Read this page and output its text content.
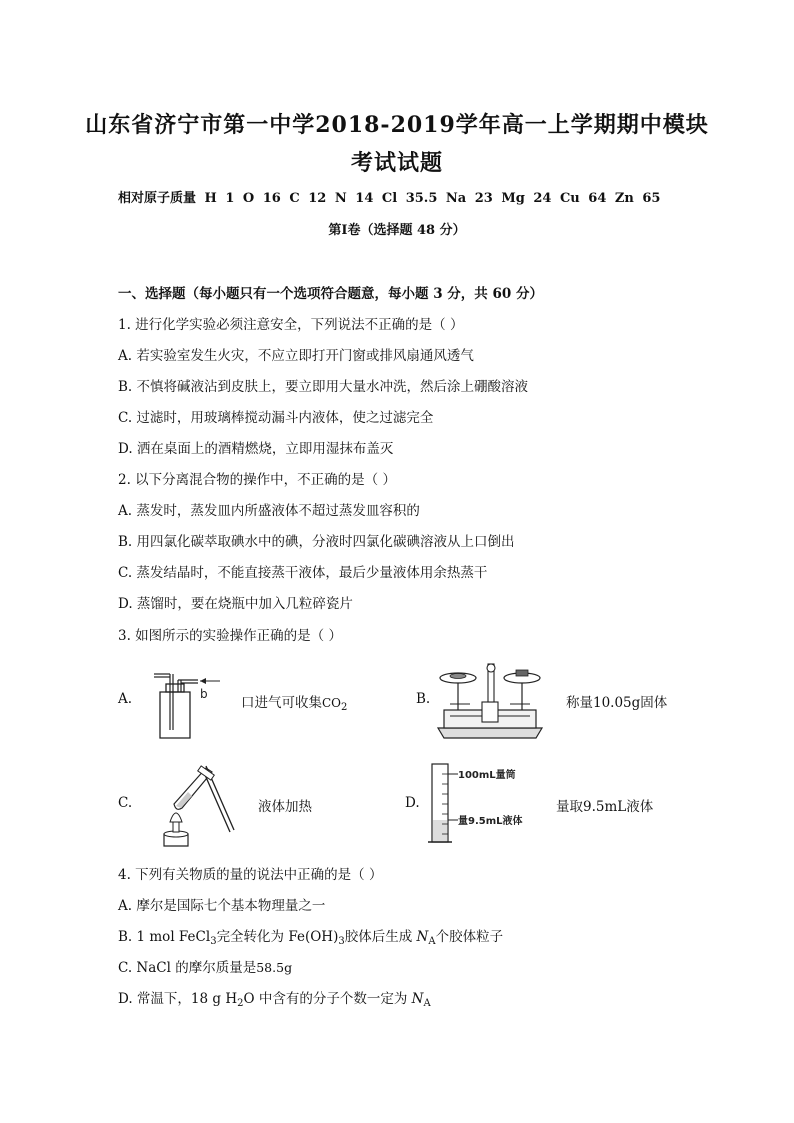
山东省济宁市第一中学2018-2019学年高一上学期期中模块
考试试题
相对原子质量 H 1 O 16 C 12 N 14 Cl 35.5 Na 23 Mg 24 Cu 64 Zn 65
第Ⅰ卷（选择题 48 分）
一、选择题（每小题只有一个选项符合题意，每小题 3 分，共 60 分）
1. 进行化学实验必须注意安全，下列说法不正确的是（ ）
A. 若实验室发生火灾，不应立即打开门窗或排风扇通风透气
B. 不慎将碱液沾到皮肤上，要立即用大量水冲洗，然后涂上硼酸溶液
C. 过滤时，用玻璃棒搅动漏斗内液体，使之过滤完全
D. 洒在桌面上的酒精燃烧，立即用湿抹布盖灭
2. 以下分离混合物的操作中，不正确的是（ ）
A. 蒸发时，蒸发皿内所盛液体不超过蒸发皿容积的
B. 用四氯化碳萃取碘水中的碘，分液时四氯化碳碘溶液从上口倒出
C. 蒸发结晶时，不能直接蒸干液体，最后少量液体用余热蒸干
D. 蒸馏时，要在烧瓶中加入几粒碎瓷片
3. 如图所示的实验操作正确的是（ ）
A.	b
口进气可收集$CO_2$
B.	称量10.05g固体
C.	液体加热	D.
100mL量筒
量9.5mL液体
量取9.5mL液体
4. 下列有关物质的量的说法中正确的是（ ）
A. 摩尔是国际七个基本物理量之一
B. 1 mol FeCl$_3$完全转化为 $Fe(OH)_3$胶体后生成 $N_A$个胶体粒子
C. NaCl 的摩尔质量是58.5g
D. 常温下，18 g $H_2O$ 中含有的分子个数一定为 $N_A$
